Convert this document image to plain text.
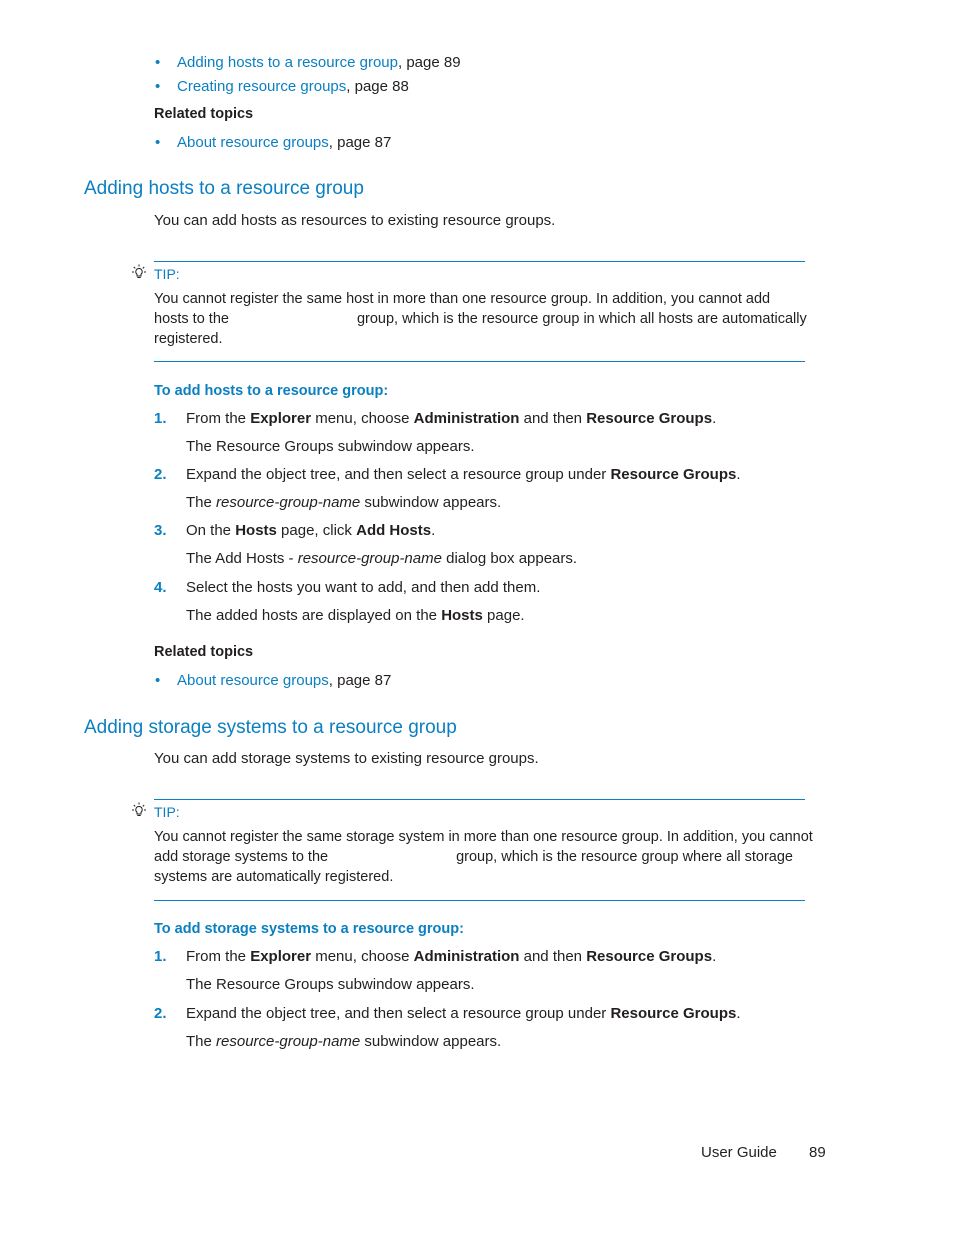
• Adding hosts to a resource group, page 89
• Creating resource groups, page 88
Related topics
• About resource groups, page 87
Adding hosts to a resource group
You can add hosts as resources to existing resource groups.
TIP:
You cannot register the same host in more than one resource group. In addition, you cannot add
hosts to the	group, which is the resource group in which all hosts are automatically
registered.
To add hosts to a resource group:
1. From the Explorer menu, choose Administration and then Resource Groups.
The Resource Groups subwindow appears.
2. Expand the object tree, and then select a resource group under Resource Groups.
The resource-group-name subwindow appears.
3. On the Hosts page, click Add Hosts.
The Add Hosts - resource-group-name dialog box appears.
4. Select the hosts you want to add, and then add them.
The added hosts are displayed on the Hosts page.
Related topics
• About resource groups, page 87
Adding storage systems to a resource group
You can add storage systems to existing resource groups.
TIP:
You cannot register the same storage system in more than one resource group. In addition, you cannot
add storage systems to the	group, which is the resource group where all storage
systems are automatically registered.
To add storage systems to a resource group:
1. From the Explorer menu, choose Administration and then Resource Groups.
The Resource Groups subwindow appears.
2. Expand the object tree, and then select a resource group under Resource Groups.
The resource-group-name subwindow appears.
User Guide 89
